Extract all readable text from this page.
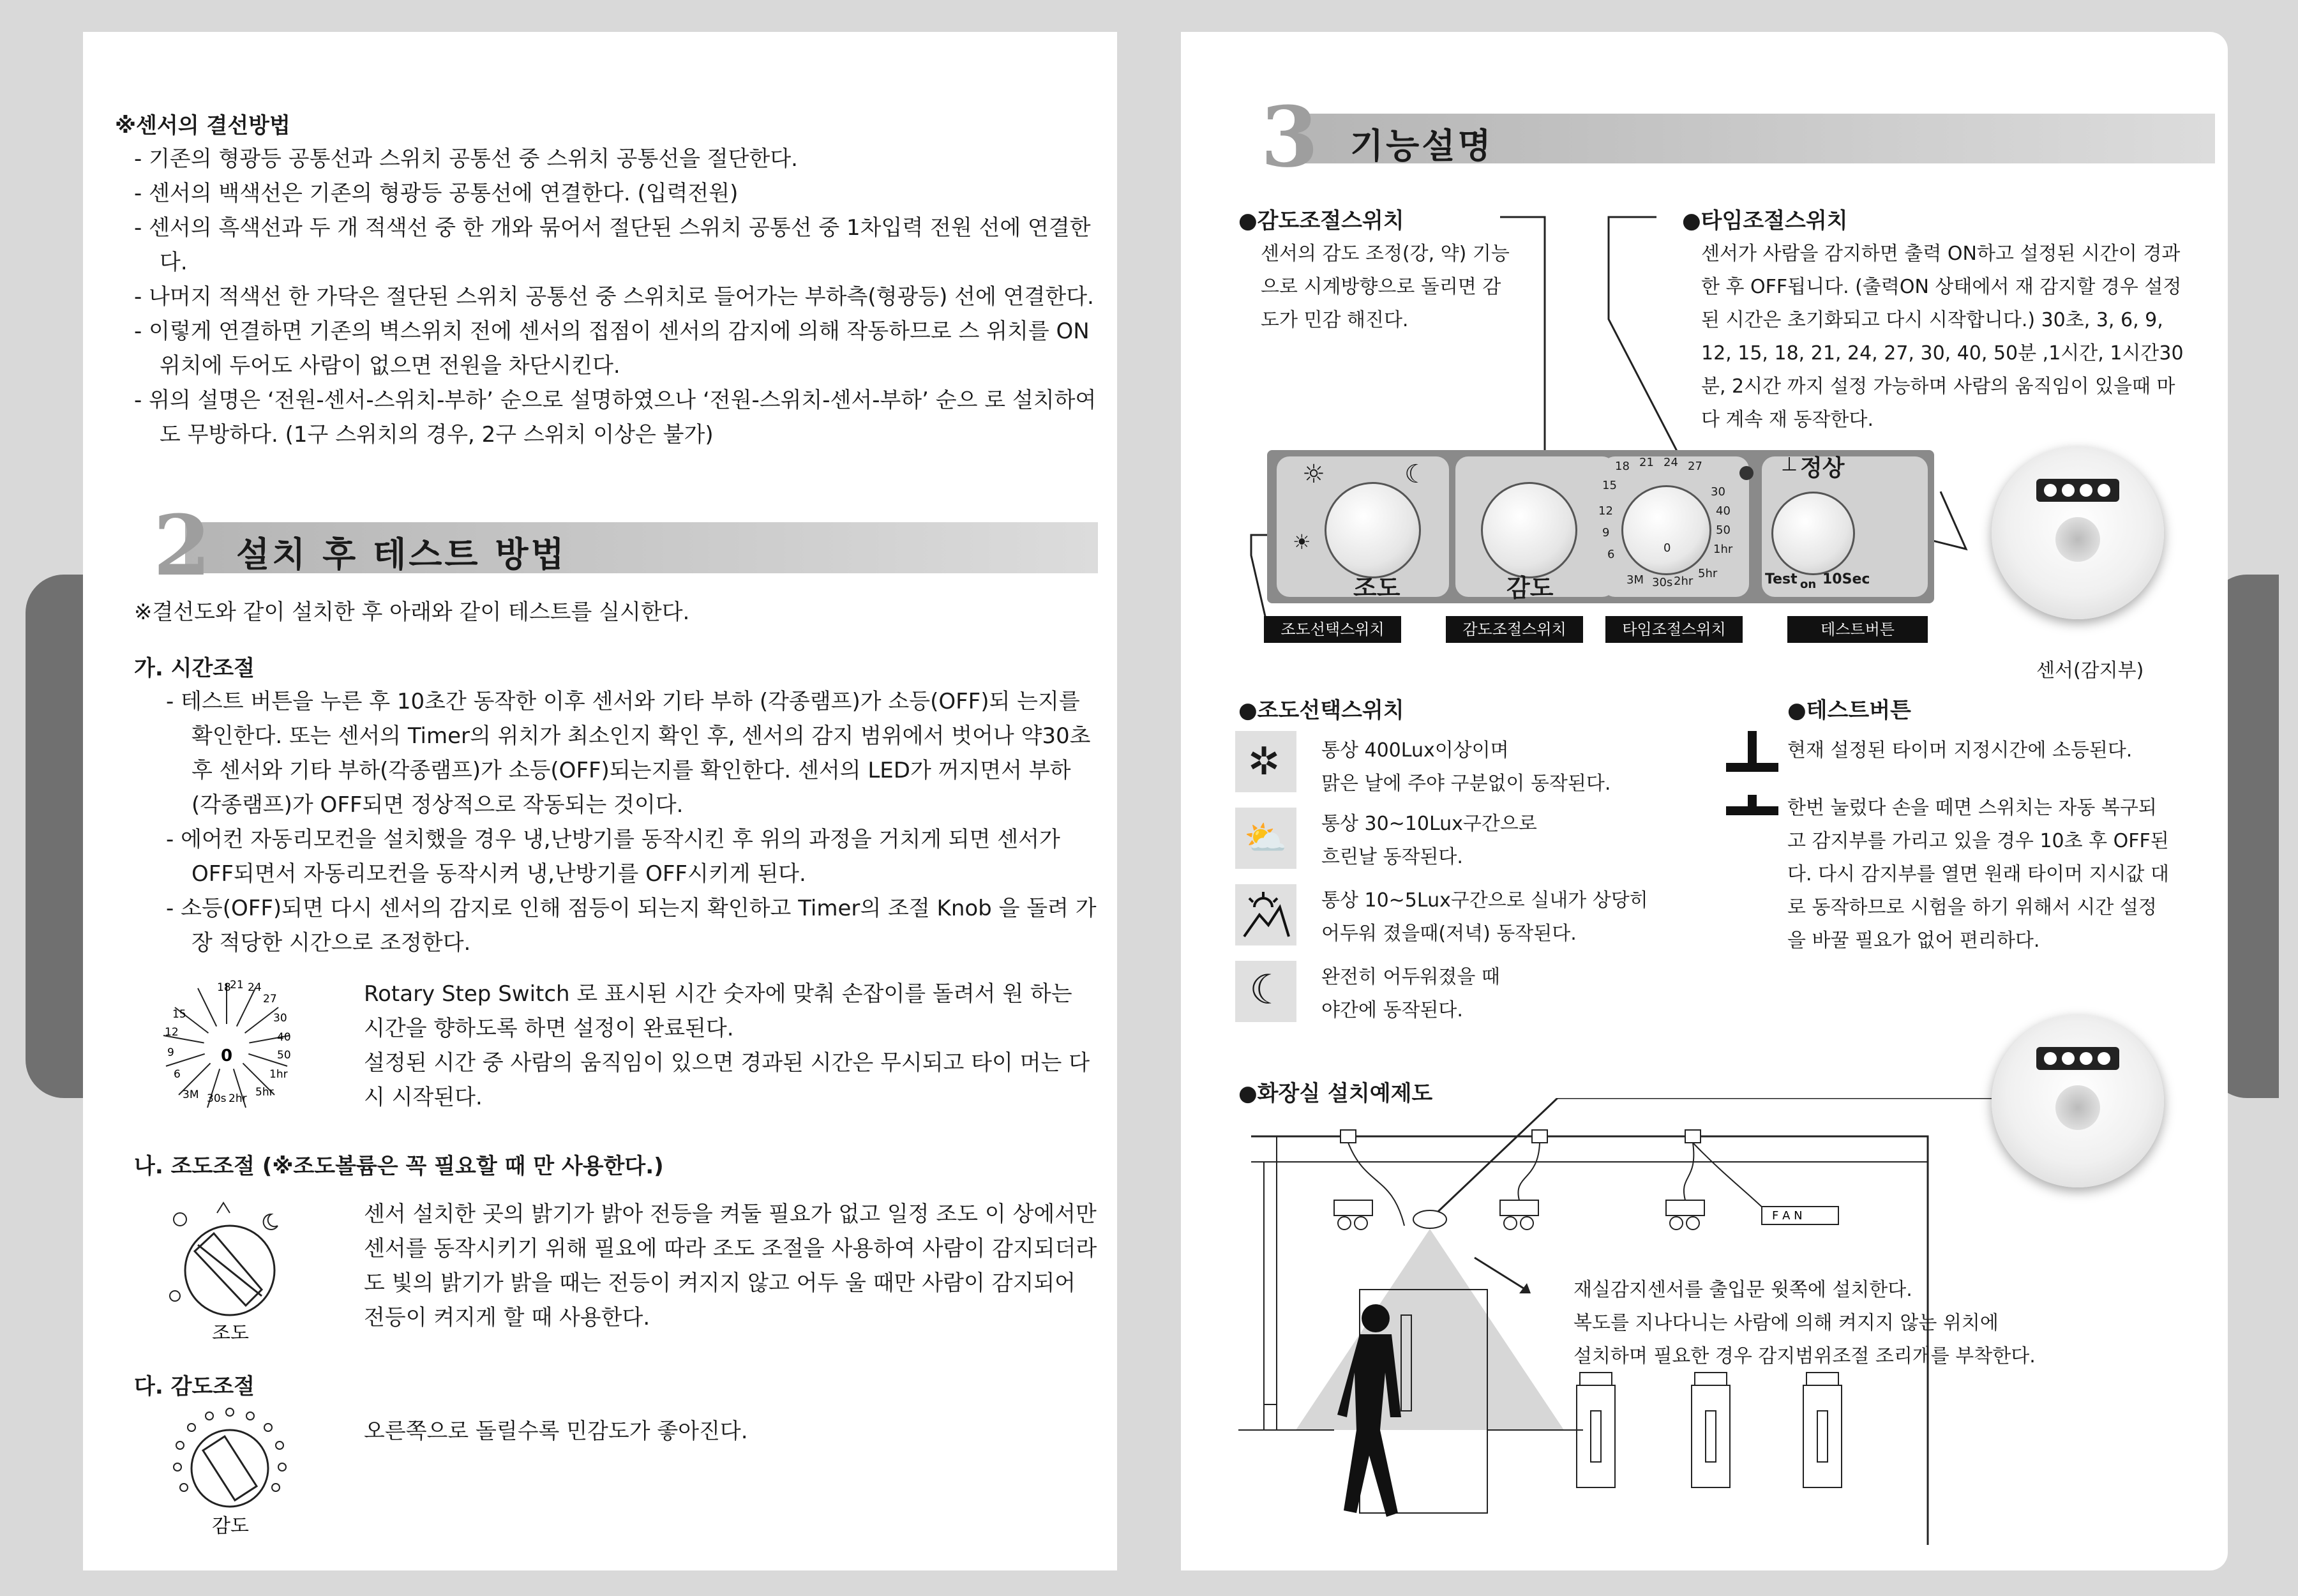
※센서의 결선방법
- 기존의 형광등 공통선과 스위치 공통선 중 스위치 공통선을 절단한다.
- 센서의 백색선은 기존의 형광등 공통선에 연결한다. (입력전원)
- 센서의 흑색선과 두 개 적색선 중 한 개와 묶어서 절단된 스위치 공통선 중 1차입력 전원 선에 연결한다.
- 나머지 적색선 한 가닥은 절단된 스위치 공통선 중 스위치로 들어가는 부하측(형광등) 선에 연결한다.
- 이렇게 연결하면 기존의 벽스위치 전에 센서의 접점이 센서의 감지에 의해 작동하므로 스 위치를 ON 위치에 두어도 사람이 없으면 전원을 차단시킨다.
- 위의 설명은 ‘전원-센서-스위치-부하’ 순으로 설명하였으나 ‘전원-스위치-센서-부하’ 순으 로 설치하여도 무방하다. (1구 스위치의 경우, 2구 스위치 이상은 불가)
2 설치 후 테스트 방법
※결선도와 같이 설치한 후 아래와 같이 테스트를 실시한다.
가. 시간조절
- 테스트 버튼을 누른 후 10초간 동작한 이후 센서와 기타 부하 (각종램프)가 소등(OFF)되 는지를 확인한다. 또는 센서의 Timer의 위치가 최소인지 확인 후, 센서의 감지 범위에서 벗어나 약30초후 센서와 기타 부하(각종램프)가 소등(OFF)되는지를 확인한다. 센서의 LED가 꺼지면서 부하(각종램프)가 OFF되면 정상적으로 작동되는 것이다.
- 에어컨 자동리모컨을 설치했을 경우 냉,난방기를 동작시킨 후 위의 과정을 거치게 되면 센서가 OFF되면서 자동리모컨을 동작시켜 냉,난방기를 OFF시키게 된다.
- 소등(OFF)되면 다시 센서의 감지로 인해 점등이 되는지 확인하고 Timer의 조절 Knob 을 돌려 가장 적당한 시간으로 조정한다.
18
21 24
27
15	30
12	40
9	50
6	1hr
3M 30s 2hr 5hr
0
Rotary Step Switch 로 표시된 시간 숫자에 맞춰 손잡이를 돌려서 원 하는 시간을 향하도록 하면 설정이 완료된다.
설정된 시간 중 사람의 움직임이 있으면 경과된 시간은 무시되고 타이 머는 다시 시작된다.
나. 조도조절 (※조도볼륨은 꼭 필요할 때 만 사용한다.)
조도
센서 설치한 곳의 밝기가 밝아 전등을 켜둘 필요가 없고 일정 조도 이 상에서만 센서를 동작시키기 위해 필요에 따라 조도 조절을 사용하여 사람이 감지되더라도 빛의 밝기가 밝을 때는 전등이 켜지지 않고 어두 울 때만 사람이 감지되어 전등이 켜지게 할 때 사용한다.
다. 감도조절
감도
오른쪽으로 돌릴수록 민감도가 좋아진다.
3 기능설명
●감도조절스위치
센서의 감도 조정(강, 약) 기능으로 시계방향으로 돌리면 감도가 민감 해진다.
●타임조절스위치
센서가 사람을 감지하면 출력 ON하고 설정된 시간이 경과한 후 OFF됩니다. (출력ON 상태에서 재 감지할 경우 설정된 시간은 초기화되고 다시 시작합니다.) 30초, 3, 6, 9, 12, 15, 18, 21, 24, 27, 30, 40, 50분 ,1시간, 1시간30분, 2시간 까지 설정 가능하며 사람의 움직임이 있을때 마다 계속 재 동작한다.
☼	☾
☀
조도	감도
18 21 24 27
15	30
12	40
9	50
6	1hr
3M 30s 2hr
5hr
0
정상
⊥
Test on 10Sec
조도선택스위치	감도조절스위치	타임조절스위치	테스트버튼
센서(감지부)
●조도선택스위치
✲ 통상 400Lux이상이며
맑은 날에 주야 구분없이 동작된다.
⛅ 통상 30~10Lux구간으로
흐린날 동작된다.
통상 10~5Lux구간으로 실내가 상당히
어두워 졌을때(저녁) 동작된다.
☾ 완전히 어두워졌을 때
야간에 동작된다.
●테스트버튼
현재 설정된 타이머 지정시간에 소등된다.
한번 눌렀다 손을 떼면 스위치는 자동 복구되고 감지부를 가리고 있을 경우 10초 후 OFF된다. 다시 감지부를 열면 원래 타이머 지시값 대로 동작하므로 시험을 하기 위해서 시간 설정을 바꿀 필요가 없어 편리하다.
●화장실 설치예제도
F A N
재실감지센서를 출입문 윗쪽에 설치한다.
복도를 지나다니는 사람에 의해 켜지지 않는 위치에
설치하며 필요한 경우 감지범위조절 조리개를 부착한다.
